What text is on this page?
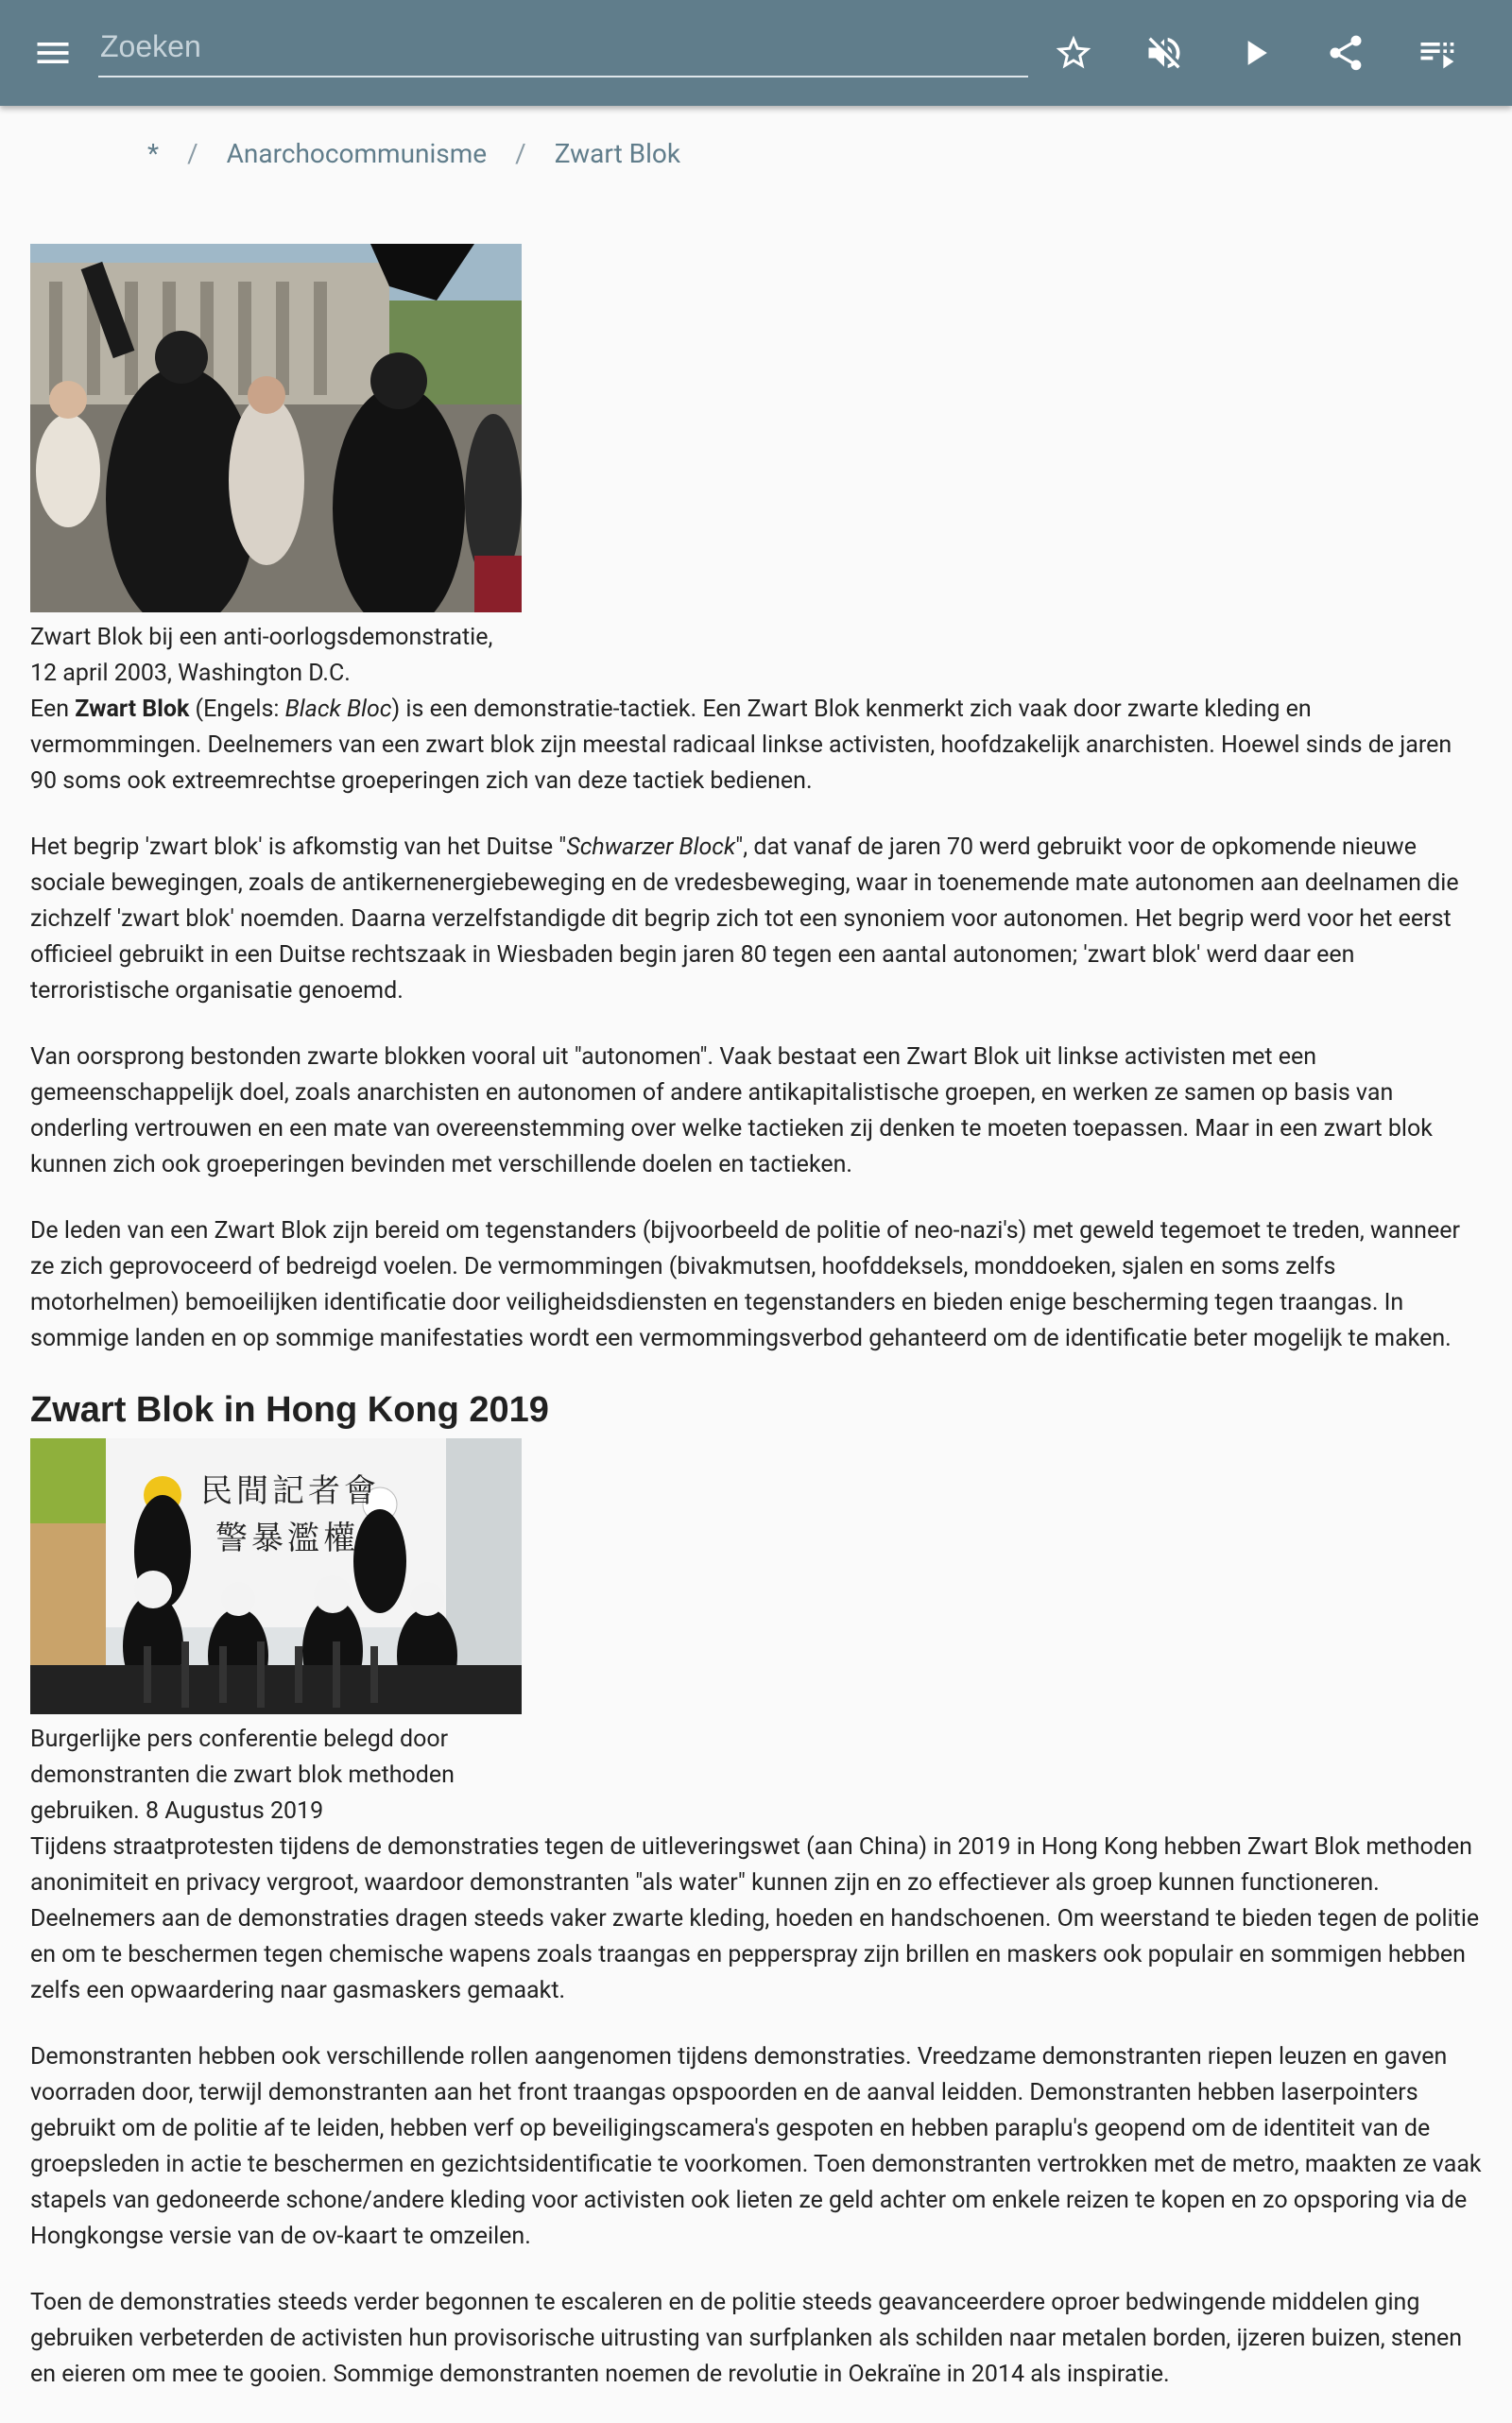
Zoeken
* / Anarchocommunisme / Zwart Blok
Zwart Blok bij een anti-oorlogsdemonstratie,
12 april 2003, Washington D.C.

Een Zwart Blok (Engels: Black Bloc) is een demonstratie-tactiek. Een Zwart Blok kenmerkt zich vaak door zwarte kleding en vermommingen. Deelnemers van een zwart blok zijn meestal radicaal linkse activisten, hoofdzakelijk anarchisten. Hoewel sinds de jaren 90 soms ook extreemrechtse groeperingen zich van deze tactiek bedienen.

Het begrip 'zwart blok' is afkomstig van het Duitse "Schwarzer Block", dat vanaf de jaren 70 werd gebruikt voor de opkomende nieuwe sociale bewegingen, zoals de antikernenergiebeweging en de vredesbeweging, waar in toenemende mate autonomen aan deelnamen die zichzelf 'zwart blok' noemden. Daarna verzelfstandigde dit begrip zich tot een synoniem voor autonomen. Het begrip werd voor het eerst officieel gebruikt in een Duitse rechtszaak in Wiesbaden begin jaren 80 tegen een aantal autonomen; 'zwart blok' werd daar een terroristische organisatie genoemd.

Van oorsprong bestonden zwarte blokken vooral uit "autonomen". Vaak bestaat een Zwart Blok uit linkse activisten met een gemeenschappelijk doel, zoals anarchisten en autonomen of andere antikapitalistische groepen, en werken ze samen op basis van onderling vertrouwen en een mate van overeenstemming over welke tactieken zij denken te moeten toepassen. Maar in een zwart blok kunnen zich ook groeperingen bevinden met verschillende doelen en tactieken.

De leden van een Zwart Blok zijn bereid om tegenstanders (bijvoorbeeld de politie of neo-nazi's) met geweld tegemoet te treden, wanneer ze zich geprovoceerd of bedreigd voelen. De vermommingen (bivakmutsen, hoofddeksels, monddoeken, sjalen en soms zelfs motorhelmen) bemoeilijken identificatie door veiligheidsdiensten en tegenstanders en bieden enige bescherming tegen traangas. In sommige landen en op sommige manifestaties wordt een vermommingsverbod gehanteerd om de identificatie beter mogelijk te maken.

Zwart Blok in Hong Kong 2019
民間記者會
警暴濫權
Burgerlijke pers conferentie belegd door
demonstranten die zwart blok methoden
gebruiken. 8 Augustus 2019

Tijdens straatprotesten tijdens de demonstraties tegen de uitleveringswet (aan China) in 2019 in Hong Kong hebben Zwart Blok methoden anonimiteit en privacy vergroot, waardoor demonstranten "als water" kunnen zijn en zo effectiever als groep kunnen functioneren. Deelnemers aan de demonstraties dragen steeds vaker zwarte kleding, hoeden en handschoenen. Om weerstand te bieden tegen de politie en om te beschermen tegen chemische wapens zoals traangas en pepperspray zijn brillen en maskers ook populair en sommigen hebben zelfs een opwaardering naar gasmaskers gemaakt.

Demonstranten hebben ook verschillende rollen aangenomen tijdens demonstraties. Vreedzame demonstranten riepen leuzen en gaven voorraden door, terwijl demonstranten aan het front traangas opspoorden en de aanval leidden. Demonstranten hebben laserpointers gebruikt om de politie af te leiden, hebben verf op beveiligingscamera's gespoten en hebben paraplu's geopend om de identiteit van de groepsleden in actie te beschermen en gezichtsidentificatie te voorkomen. Toen demonstranten vertrokken met de metro, maakten ze vaak stapels van gedoneerde schone/andere kleding voor activisten ook lieten ze geld achter om enkele reizen te kopen en zo opsporing via de Hongkongse versie van de ov-kaart te omzeilen.

Toen de demonstraties steeds verder begonnen te escaleren en de politie steeds geavanceerdere oproer bedwingende middelen ging gebruiken verbeterden de activisten hun provisorische uitrusting van surfplanken als schilden naar metalen borden, ijzeren buizen, stenen en eieren om mee te gooien. Sommige demonstranten noemen de revolutie in Oekraïne in 2014 als inspiratie.
